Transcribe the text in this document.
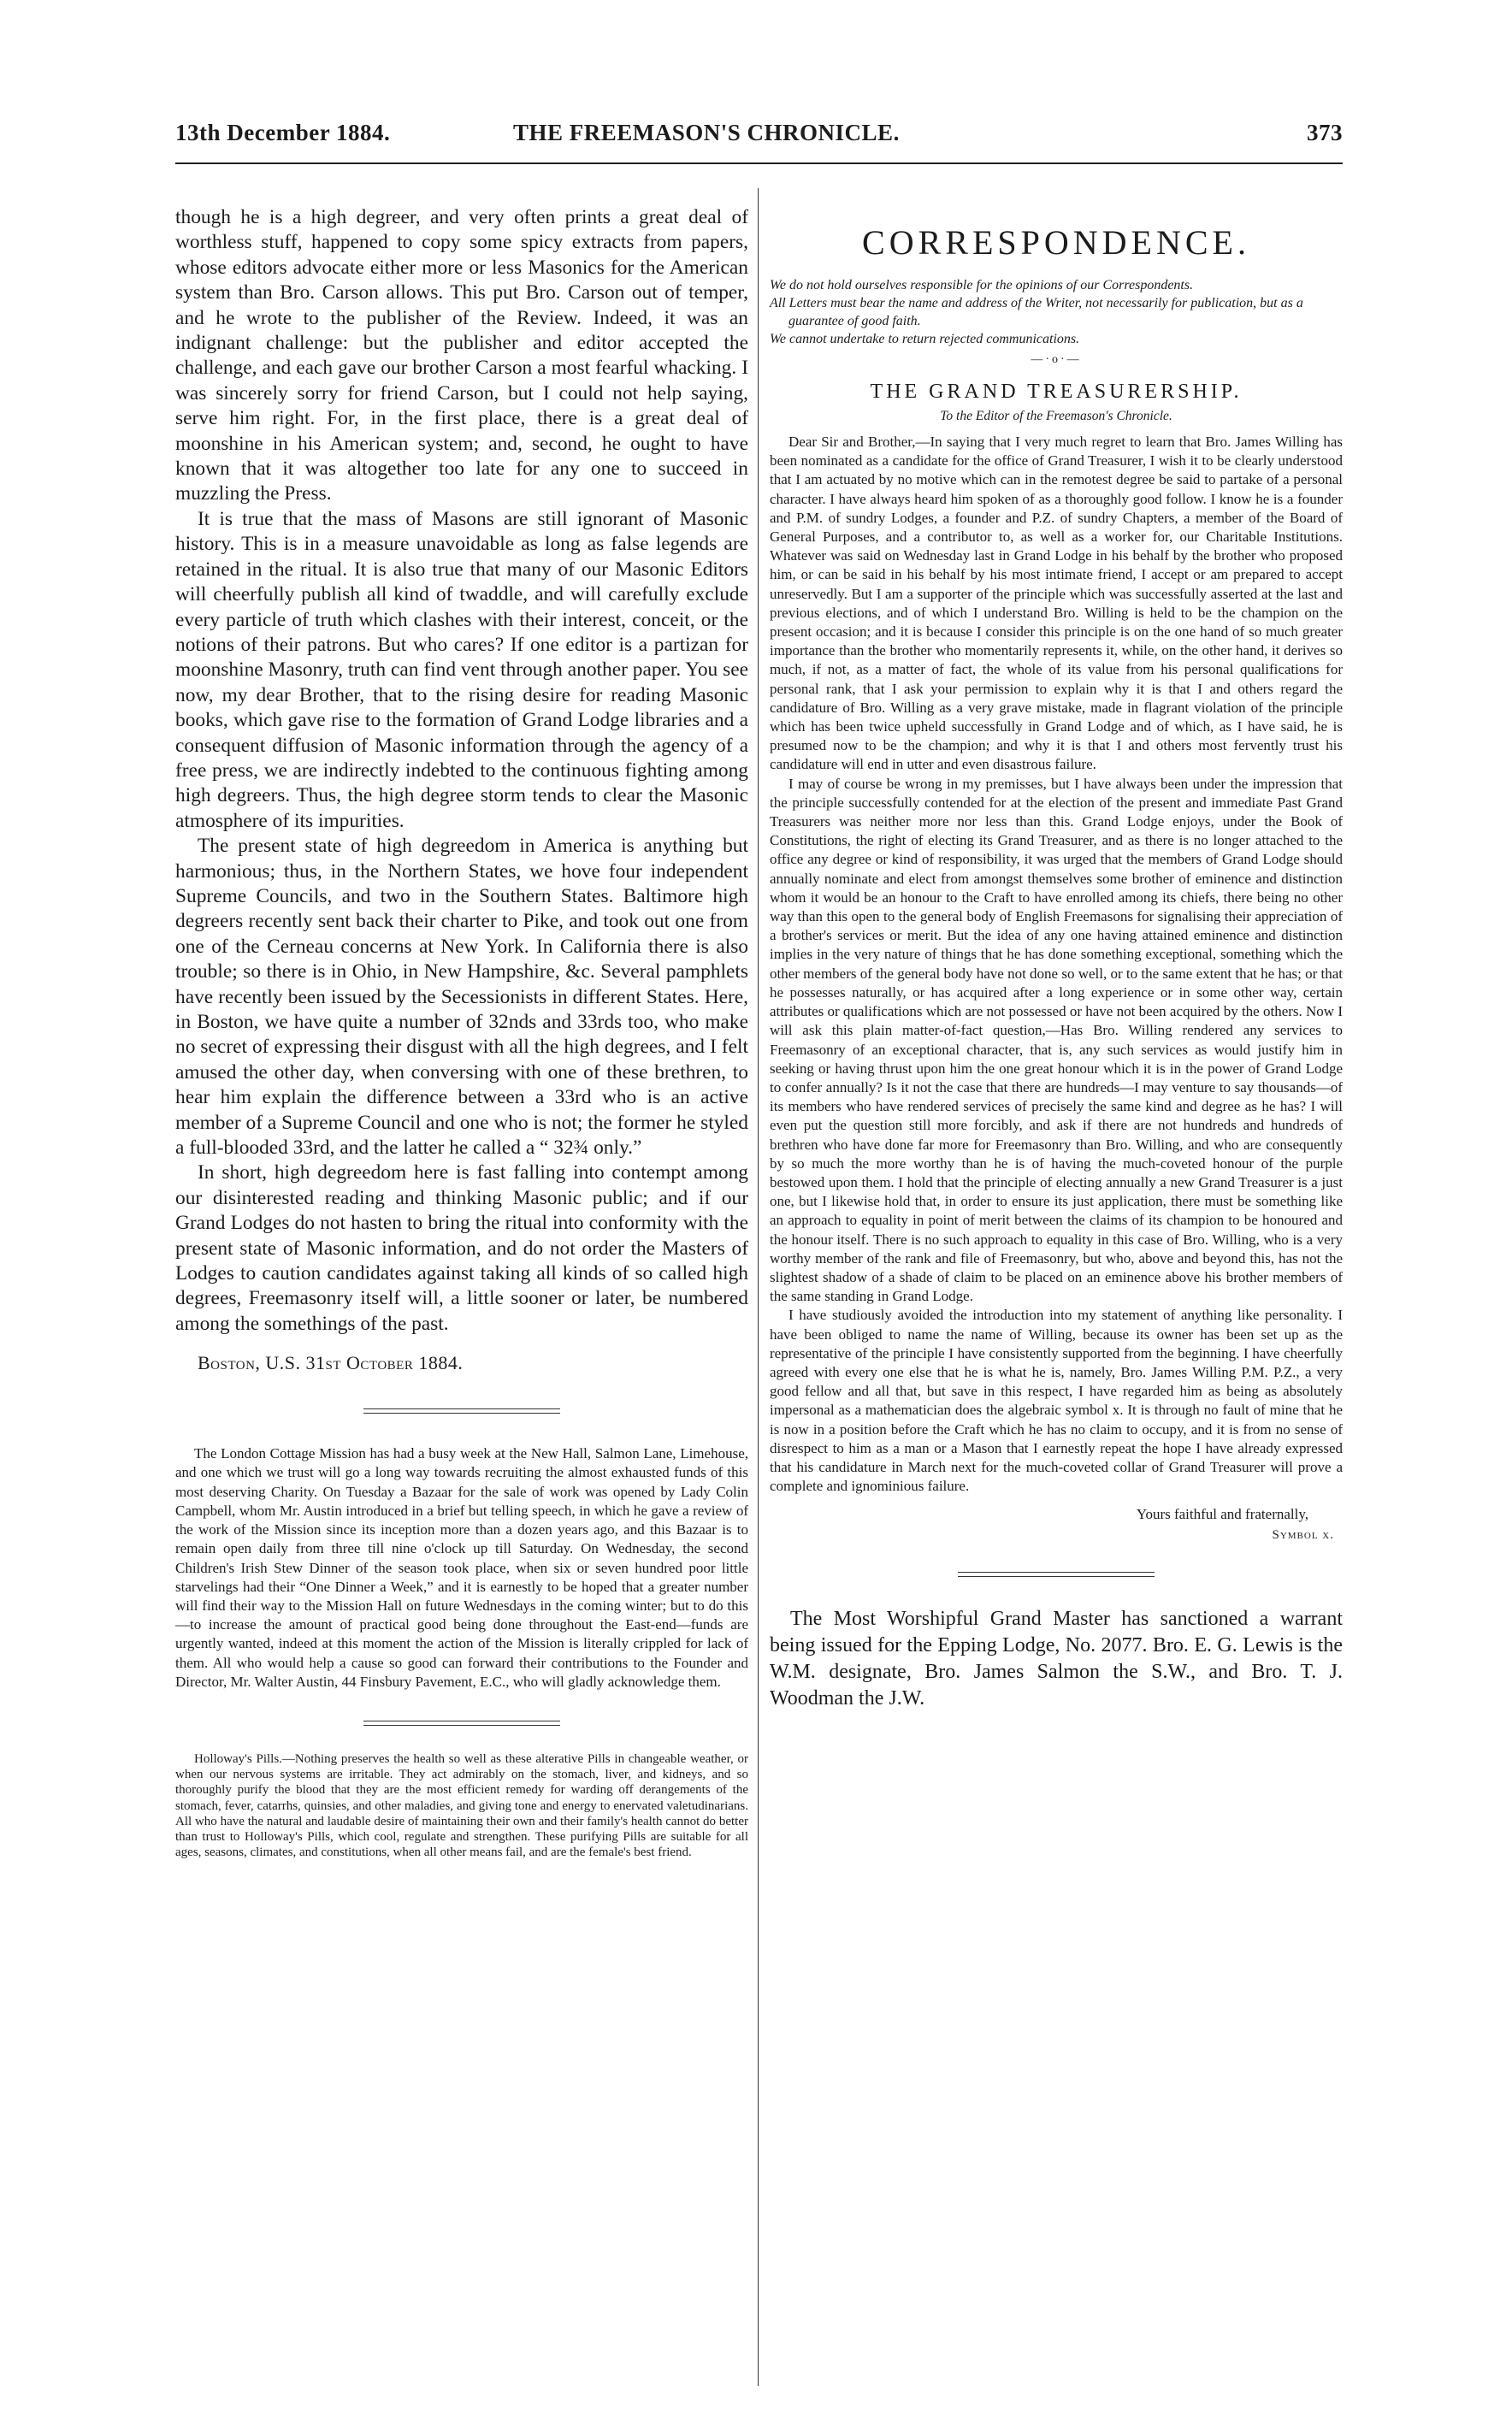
13th December 1884.	THE FREEMASON'S CHRONICLE.	373

though he is a high degreer, and very often prints a great deal of worthless stuff, happened to copy some spicy extracts from papers, whose editors advocate either more or less Masonics for the American system than Bro. Carson allows. This put Bro. Carson out of temper, and he wrote to the publisher of the Review. Indeed, it was an indignant challenge: but the publisher and editor accepted the challenge, and each gave our brother Carson a most fearful whacking. I was sincerely sorry for friend Carson, but I could not help saying, serve him right. For, in the first place, there is a great deal of moonshine in his American system; and, second, he ought to have known that it was altogether too late for any one to succeed in muzzling the Press.

It is true that the mass of Masons are still ignorant of Masonic history. This is in a measure unavoidable as long as false legends are retained in the ritual. It is also true that many of our Masonic Editors will cheerfully publish all kind of twaddle, and will carefully exclude every particle of truth which clashes with their interest, conceit, or the notions of their patrons. But who cares? If one editor is a partizan for moonshine Masonry, truth can find vent through another paper. You see now, my dear Brother, that to the rising desire for reading Masonic books, which gave rise to the formation of Grand Lodge libraries and a consequent diffusion of Masonic information through the agency of a free press, we are indirectly indebted to the continuous fighting among high degreers. Thus, the high degree storm tends to clear the Masonic atmosphere of its impurities.

The present state of high degreedom in America is anything but harmonious; thus, in the Northern States, we hove four independent Supreme Councils, and two in the Southern States. Baltimore high degreers recently sent back their charter to Pike, and took out one from one of the Cerneau concerns at New York. In California there is also trouble; so there is in Ohio, in New Hampshire, &c. Several pamphlets have recently been issued by the Secessionists in different States. Here, in Boston, we have quite a number of 32nds and 33rds too, who make no secret of expressing their disgust with all the high degrees, and I felt amused the other day, when conversing with one of these brethren, to hear him explain the difference between a 33rd who is an active member of a Supreme Council and one who is not; the former he styled a full-blooded 33rd, and the latter he called a “ 32¾ only.”

In short, high degreedom here is fast falling into contempt among our disinterested reading and thinking Masonic public; and if our Grand Lodges do not hasten to bring the ritual into conformity with the present state of Masonic information, and do not order the Masters of Lodges to caution candidates against taking all kinds of so called high degrees, Freemasonry itself will, a little sooner or later, be numbered among the somethings of the past.

Boston, U.S. 31st October 1884.

The London Cottage Mission has had a busy week at the New Hall, Salmon Lane, Limehouse, and one which we trust will go a long way towards recruiting the almost exhausted funds of this most deserving Charity. On Tuesday a Bazaar for the sale of work was opened by Lady Colin Campbell, whom Mr. Austin introduced in a brief but telling speech, in which he gave a review of the work of the Mission since its inception more than a dozen years ago, and this Bazaar is to remain open daily from three till nine o'clock up till Saturday. On Wednesday, the second Children's Irish Stew Dinner of the season took place, when six or seven hundred poor little starvelings had their “One Dinner a Week,” and it is earnestly to be hoped that a greater number will find their way to the Mission Hall on future Wednesdays in the coming winter; but to do this—to increase the amount of practical good being done throughout the East-end—funds are urgently wanted, indeed at this moment the action of the Mission is literally crippled for lack of them. All who would help a cause so good can forward their contributions to the Founder and Director, Mr. Walter Austin, 44 Finsbury Pavement, E.C., who will gladly acknowledge them.

Holloway's Pills.—Nothing preserves the health so well as these alterative Pills in changeable weather, or when our nervous systems are irritable. They act admirably on the stomach, liver, and kidneys, and so thoroughly purify the blood that they are the most efficient remedy for warding off derangements of the stomach, fever, catarrhs, quinsies, and other maladies, and giving tone and energy to enervated valetudinarians. All who have the natural and laudable desire of maintaining their own and their family's health cannot do better than trust to Holloway's Pills, which cool, regulate and strengthen. These purifying Pills are suitable for all ages, seasons, climates, and constitutions, when all other means fail, and are the female's best friend.

CORRESPONDENCE.

We do not hold ourselves responsible for the opinions of our Correspondents.

All Letters must bear the name and address of the Writer, not necessarily for publication, but as a guarantee of good faith.

We cannot undertake to return rejected communications.

—·o·—
THE GRAND TREASURERSHIP.
To the Editor of the Freemason's Chronicle.

Dear Sir and Brother,—In saying that I very much regret to learn that Bro. James Willing has been nominated as a candidate for the office of Grand Treasurer, I wish it to be clearly understood that I am actuated by no motive which can in the remotest degree be said to partake of a personal character. I have always heard him spoken of as a thoroughly good follow. I know he is a founder and P.M. of sundry Lodges, a founder and P.Z. of sundry Chapters, a member of the Board of General Purposes, and a contributor to, as well as a worker for, our Charitable Institutions. Whatever was said on Wednesday last in Grand Lodge in his behalf by the brother who proposed him, or can be said in his behalf by his most intimate friend, I accept or am prepared to accept unreservedly. But I am a supporter of the principle which was successfully asserted at the last and previous elections, and of which I understand Bro. Willing is held to be the champion on the present occasion; and it is because I consider this principle is on the one hand of so much greater importance than the brother who momentarily represents it, while, on the other hand, it derives so much, if not, as a matter of fact, the whole of its value from his personal qualifications for personal rank, that I ask your permission to explain why it is that I and others regard the candidature of Bro. Willing as a very grave mistake, made in flagrant violation of the principle which has been twice upheld successfully in Grand Lodge and of which, as I have said, he is presumed now to be the champion; and why it is that I and others most fervently trust his candidature will end in utter and even disastrous failure.

I may of course be wrong in my premisses, but I have always been under the impression that the principle successfully contended for at the election of the present and immediate Past Grand Treasurers was neither more nor less than this. Grand Lodge enjoys, under the Book of Constitutions, the right of electing its Grand Treasurer, and as there is no longer attached to the office any degree or kind of responsibility, it was urged that the members of Grand Lodge should annually nominate and elect from amongst themselves some brother of eminence and distinction whom it would be an honour to the Craft to have enrolled among its chiefs, there being no other way than this open to the general body of English Freemasons for signalising their appreciation of a brother's services or merit. But the idea of any one having attained eminence and distinction implies in the very nature of things that he has done something exceptional, something which the other members of the general body have not done so well, or to the same extent that he has; or that he possesses naturally, or has acquired after a long experience or in some other way, certain attributes or qualifications which are not possessed or have not been acquired by the others. Now I will ask this plain matter-of-fact question,—Has Bro. Willing rendered any services to Freemasonry of an exceptional character, that is, any such services as would justify him in seeking or having thrust upon him the one great honour which it is in the power of Grand Lodge to confer annually? Is it not the case that there are hundreds—I may venture to say thousands—of its members who have rendered services of precisely the same kind and degree as he has? I will even put the question still more forcibly, and ask if there are not hundreds and hundreds of brethren who have done far more for Freemasonry than Bro. Willing, and who are consequently by so much the more worthy than he is of having the much-coveted honour of the purple bestowed upon them. I hold that the principle of electing annually a new Grand Treasurer is a just one, but I likewise hold that, in order to ensure its just application, there must be something like an approach to equality in point of merit between the claims of its champion to be honoured and the honour itself. There is no such approach to equality in this case of Bro. Willing, who is a very worthy member of the rank and file of Freemasonry, but who, above and beyond this, has not the slightest shadow of a shade of claim to be placed on an eminence above his brother members of the same standing in Grand Lodge.

I have studiously avoided the introduction into my statement of anything like personality. I have been obliged to name the name of Willing, because its owner has been set up as the representative of the principle I have consistently supported from the beginning. I have cheerfully agreed with every one else that he is what he is, namely, Bro. James Willing P.M. P.Z., a very good fellow and all that, but save in this respect, I have regarded him as being as absolutely impersonal as a mathematician does the algebraic symbol x. It is through no fault of mine that he is now in a position before the Craft which he has no claim to occupy, and it is from no sense of disrespect to him as a man or a Mason that I earnestly repeat the hope I have already expressed that his candidature in March next for the much-coveted collar of Grand Treasurer will prove a complete and ignominious failure.

Yours faithful and fraternally,
Symbol x.

The Most Worshipful Grand Master has sanctioned a warrant being issued for the Epping Lodge, No. 2077. Bro. E. G. Lewis is the W.M. designate, Bro. James Salmon the S.W., and Bro. T. J. Woodman the J.W.
